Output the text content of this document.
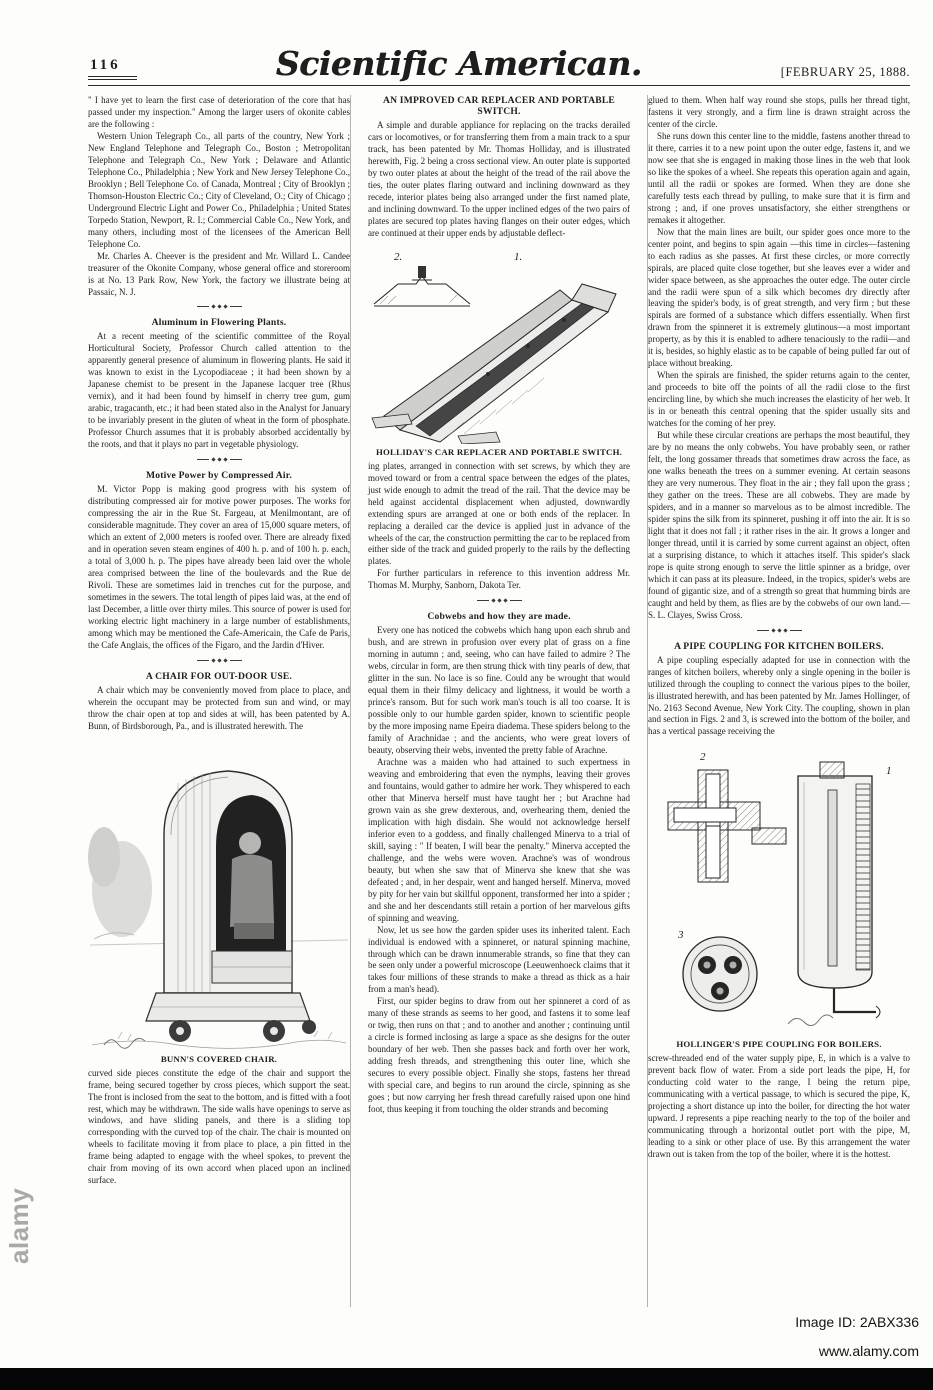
116	Scientific American.	[FEBRUARY 25, 1888.

" I have yet to learn the first case of deterioration of the core that has passed under my inspection." Among the larger users of okonite cables are the following :

Western Union Telegraph Co., all parts of the country, New York ; New England Telephone and Telegraph Co., Boston ; Metropolitan Telephone and Telegraph Co., New York ; Delaware and Atlantic Telephone Co., Philadelphia ; New York and New Jersey Telephone Co., Brooklyn ; Bell Telephone Co. of Canada, Montreal ; City of Brooklyn ; Thomson-Houston Electric Co.; City of Cleveland, O.; City of Chicago ; Underground Electric Light and Power Co., Philadelphia ; United States Torpedo Station, Newport, R. I.; Commercial Cable Co., New York, and many others, including most of the licensees of the American Bell Telephone Co.

Mr. Charles A. Cheever is the president and Mr. Willard L. Candee treasurer of the Okonite Company, whose general office and storeroom is at No. 13 Park Row, New York, the factory we illustrate being at Passaic, N. J.

Aluminum in Flowering Plants.

At a recent meeting of the scientific committee of the Royal Horticultural Society, Professor Church called attention to the apparently general presence of aluminum in flowering plants. He said it was known to exist in the Lycopodiaceae ; it had been shown by a Japanese chemist to be present in the Japanese lacquer tree (Rhus vernix), and it had been found by himself in cherry tree gum, gum arabic, tragacanth, etc.; it had been stated also in the Analyst for January to be invariably present in the gluten of wheat in the form of phosphate. Professor Church assumes that it is probably absorbed accidentally by the roots, and that it plays no part in vegetable physiology.

Motive Power by Compressed Air.

M. Victor Popp is making good progress with his system of distributing compressed air for motive power purposes. The works for compressing the air in the Rue St. Fargeau, at Menilmontant, are of considerable magnitude. They cover an area of 15,000 square meters, of which an extent of 2,000 meters is roofed over. There are already fixed and in operation seven steam engines of 400 h. p. and of 100 h. p. each, a total of 3,000 h. p. The pipes have already been laid over the whole area comprised between the line of the boulevards and the Rue de Rivoli. These are sometimes laid in trenches cut for the purpose, and sometimes in the sewers. The total length of pipes laid was, at the end of last December, a little over thirty miles. This source of power is used for working electric light machinery in a large number of establishments, among which may be mentioned the Cafe-Americain, the Cafe de Paris, the Cafe Anglais, the offices of the Figaro, and the Jardin d'Hiver.

A CHAIR FOR OUT-DOOR USE.

A chair which may be conveniently moved from place to place, and wherein the occupant may be protected from sun and wind, or may throw the chair open at top and sides at will, has been patented by A. Bunn, of Birdsborough, Pa., and is illustrated herewith. The

BUNN'S COVERED CHAIR.

curved side pieces constitute the edge of the chair and support the frame, being secured together by cross pieces, which support the seat. The front is inclosed from the seat to the bottom, and is fitted with a foot rest, which may be withdrawn. The side walls have openings to serve as windows, and have sliding panels, and there is a sliding top corresponding with the curved top of the chair. The chair is mounted on wheels to facilitate moving it from place to place, a pin fitted in the frame being adapted to engage with the wheel spokes, to prevent the chair from moving of its own accord when placed upon an inclined surface.

AN IMPROVED CAR REPLACER AND PORTABLE SWITCH.

A simple and durable appliance for replacing on the tracks derailed cars or locomotives, or for transferring them from a main track to a spur track, has been patented by Mr. Thomas Holliday, and is illustrated herewith, Fig. 2 being a cross sectional view. An outer plate is supported by two outer plates at about the height of the tread of the rail above the ties, the outer plates flaring outward and inclining downward as they recede, interior plates being also arranged under the first named plate, and inclining downward. To the upper inclined edges of the two pairs of plates are secured top plates having flanges on their outer edges, which are continued at their upper ends by adjustable deflect-

2.	1.
HOLLIDAY'S CAR REPLACER AND PORTABLE SWITCH.

ing plates, arranged in connection with set screws, by which they are moved toward or from a central space between the edges of the plates, just wide enough to admit the tread of the rail. That the device may be held against accidental displacement when adjusted, downwardly extending spurs are arranged at one or both ends of the replacer. In replacing a derailed car the device is applied just in advance of the wheels of the car, the construction permitting the car to be replaced from either side of the track and guided properly to the rails by the deflecting plates.

For further particulars in reference to this invention address Mr. Thomas M. Murphy, Sanborn, Dakota Ter.

Cobwebs and how they are made.

Every one has noticed the cobwebs which hang upon each shrub and bush, and are strewn in profusion over every plat of grass on a fine morning in autumn ; and, seeing, who can have failed to admire ? The webs, circular in form, are then strung thick with tiny pearls of dew, that glitter in the sun. No lace is so fine. Could any be wrought that would equal them in their filmy delicacy and lightness, it would be worth a prince's ransom. But for such work man's touch is all too coarse. It is possible only to our humble garden spider, known to scientific people by the more imposing name Epeira diadema. These spiders belong to the family of Arachnidae ; and the ancients, who were great lovers of beauty, observing their webs, invented the pretty fable of Arachne.

Arachne was a maiden who had attained to such expertness in weaving and embroidering that even the nymphs, leaving their groves and fountains, would gather to admire her work. They whispered to each other that Minerva herself must have taught her ; but Arachne had grown vain as she grew dexterous, and, overhearing them, denied the implication with high disdain. She would not acknowledge herself inferior even to a goddess, and finally challenged Minerva to a trial of skill, saying : " If beaten, I will bear the penalty." Minerva accepted the challenge, and the webs were woven. Arachne's was of wondrous beauty, but when she saw that of Minerva she knew that she was defeated ; and, in her despair, went and hanged herself. Minerva, moved by pity for her vain but skillful opponent, transformed her into a spider ; and she and her descendants still retain a portion of her marvelous gifts of spinning and weaving.

Now, let us see how the garden spider uses its inherited talent. Each individual is endowed with a spinneret, or natural spinning machine, through which can be drawn innumerable strands, so fine that they can be seen only under a powerful microscope (Leeuwenhoeck claims that it takes four millions of these strands to make a thread as thick as a hair from a man's head).

First, our spider begins to draw from out her spinneret a cord of as many of these strands as seems to her good, and fastens it to some leaf or twig, then runs on that ; and to another and another ; continuing until a circle is formed inclosing as large a space as she designs for the outer boundary of her web. Then she passes back and forth over her work, adding fresh threads, and strengthening this outer line, which she secures to every possible object. Finally she stops, fastens her thread with special care, and begins to run around the circle, spinning as she goes ; but now carrying her fresh thread carefully raised upon one hind foot, thus keeping it from touching the older strands and becoming

glued to them. When half way round she stops, pulls her thread tight, fastens it very strongly, and a firm line is drawn straight across the center of the circle.

She runs down this center line to the middle, fastens another thread to it there, carries it to a new point upon the outer edge, fastens it, and we now see that she is engaged in making those lines in the web that look so like the spokes of a wheel. She repeats this operation again and again, until all the radii or spokes are formed. When they are done she carefully tests each thread by pulling, to make sure that it is firm and strong ; and, if one proves unsatisfactory, she either strengthens or remakes it altogether.

Now that the main lines are built, our spider goes once more to the center point, and begins to spin again —this time in circles—fastening to each radius as she passes. At first these circles, or more correctly spirals, are placed quite close together, but she leaves ever a wider and wider space between, as she approaches the outer edge. The outer circle and the radii were spun of a silk which becomes dry directly after leaving the spider's body, is of great strength, and very firm ; but these spirals are formed of a substance which differs essentially. When first drawn from the spinneret it is extremely glutinous—a most important property, as by this it is enabled to adhere tenaciously to the radii—and it is, besides, so highly elastic as to be capable of being pulled far out of place without breaking.

When the spirals are finished, the spider returns again to the center, and proceeds to bite off the points of all the radii close to the first encircling line, by which she much increases the elasticity of her web. It is in or beneath this central opening that the spider usually sits and watches for the coming of her prey.

But while these circular creations are perhaps the most beautiful, they are by no means the only cobwebs. You have probably seen, or rather felt, the long gossamer threads that sometimes draw across the face, as one walks beneath the trees on a summer evening. At certain seasons they are very numerous. They float in the air ; they fall upon the grass ; they gather on the trees. These are all cobwebs. They are made by spiders, and in a manner so marvelous as to be almost incredible. The spider spins the silk from its spinneret, pushing it off into the air. It is so light that it does not fall ; it rather rises in the air. It grows a longer and longer thread, until it is carried by some current against an object, often at a surprising distance, to which it attaches itself. This spider's slack rope is quite strong enough to serve the little spinner as a bridge, over which it can pass at its pleasure. Indeed, in the tropics, spider's webs are found of gigantic size, and of a strength so great that humming birds are caught and held by them, as flies are by the cobwebs of our own land.—S. L. Clayes, Swiss Cross.

A PIPE COUPLING FOR KITCHEN BOILERS.

A pipe coupling especially adapted for use in connection with the ranges of kitchen boilers, whereby only a single opening in the boiler is utilized through the coupling to connect the various pipes to the boiler, is illustrated herewith, and has been patented by Mr. James Hollinger, of No. 2163 Second Avenue, New York City. The coupling, shown in plan and section in Figs. 2 and 3, is screwed into the bottom of the boiler, and has a vertical passage receiving the

2
1
3
HOLLINGER'S PIPE COUPLING FOR BOILERS.

screw-threaded end of the water supply pipe, E, in which is a valve to prevent back flow of water. From a side port leads the pipe, H, for conducting cold water to the range, I being the return pipe, communicating with a vertical passage, to which is secured the pipe, K, projecting a short distance up into the boiler, for directing the hot water upward. J represents a pipe reaching nearly to the top of the boiler and communicating through a horizontal outlet port with the pipe, M, leading to a sink or other place of use. By this arrangement the water drawn out is taken from the top of the boiler, where it is the hottest.

alamy
Image ID: 2ABX336
www.alamy.com
